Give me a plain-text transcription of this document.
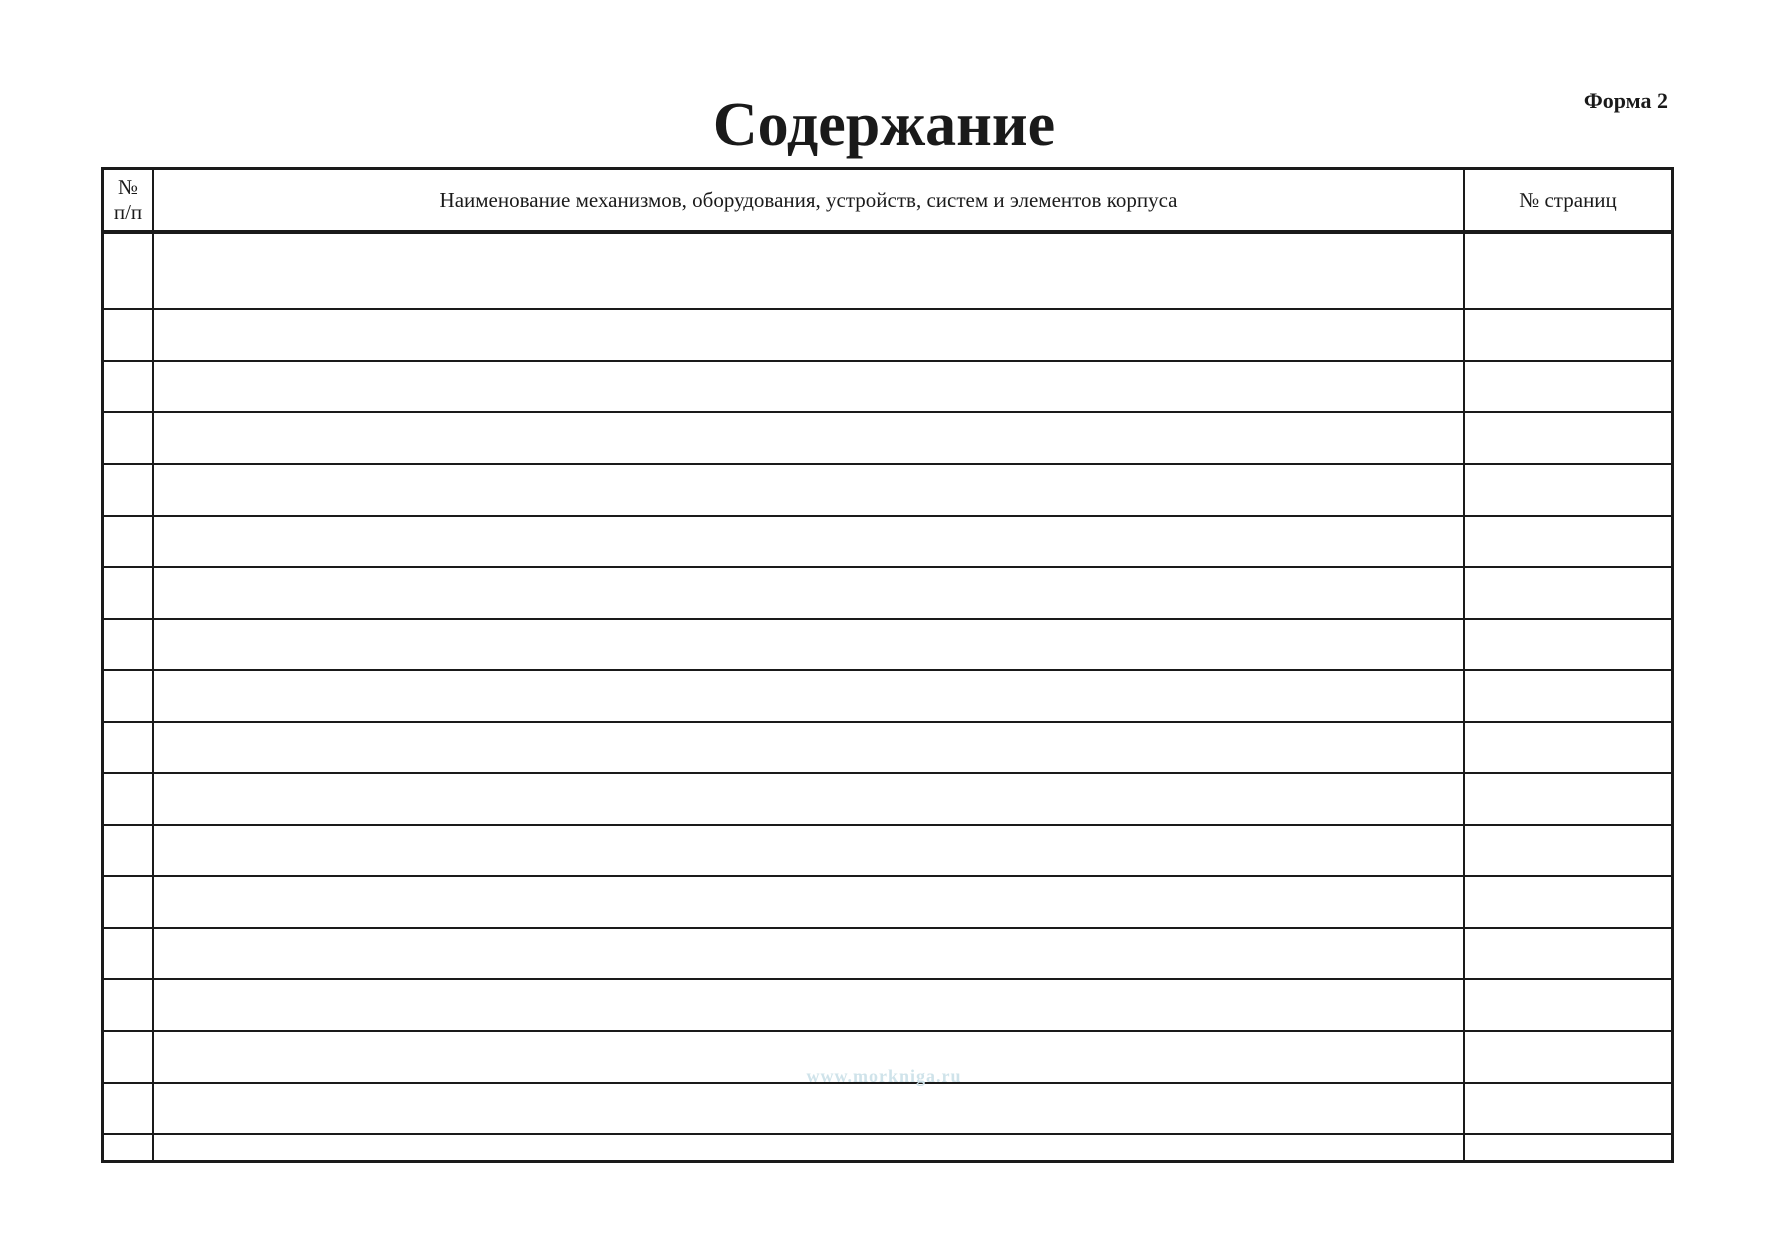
Форма 2
Содержание
№
п/п	Наименование механизмов, оборудования, устройств, систем и элементов корпуса	№ страниц

www.morkniga.ru
